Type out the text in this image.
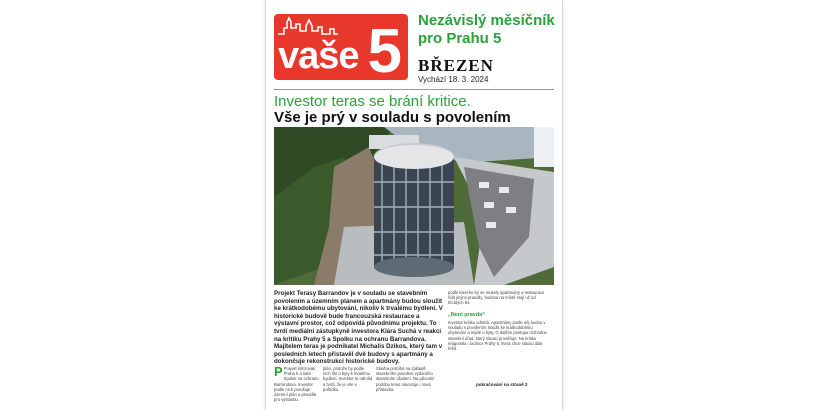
vaše 5 Nezávislý měsíčník pro Prahu 5
BŘEZEN
Vychází 18. 3. 2024
Investor teras se brání kritice.
Vše je prý v souladu s povolením
Projekt Terasy Barrandov je v souladu se stavebním povolením a územním plánem a apartmány budou sloužit ke krátkodobému ubytování, nikoliv k trvalému bydlení. V historické budově bude francouzská restaurace a výstavní prostor, což odpovídá původnímu projektu. To tvrdí mediální zástupkyně investora Klára Suchá v reakci na kritiku Prahy 5 a Spolku na ochranu Barrandova. Majitelem teras je podnikatel Michalis Dzikos, který tam v posledních letech přistavěl dvě budovy s apartmány a dokončuje rekonstrukci historické budovy.
P Projekt kritizovali Praha 5 a také Spolek na ochranu Barrandova. Investor podle nich porušuje územní plán a pravidla pro výstavbu.
plán, protože by podle nich šlo o byty k trvalému bydlení. Investor to odmítá a tvrdí, že je vše v pořádku.
Stavba probíhá na základě stavebního povolení vydaného stavebním úřadem. Na původní podobu teras navazuje i nová přístavba.
podle kterého by se musely apartmány a restaurace řídit jinými pravidly, budova na místě stojí už od třicátých let.
„Není pravda“
Investor kritiku odmítá. Apartmány podle něj budou v souladu s povolením sloužit ke krátkodobému ubytování a nejde o byty. O dalším postupu rozhodne stavební úřad, který situaci prověřuje. Na kritiku reagovala i radnice Prahy 5, která chce situaci dále řešit.
pokračování na straně 2
